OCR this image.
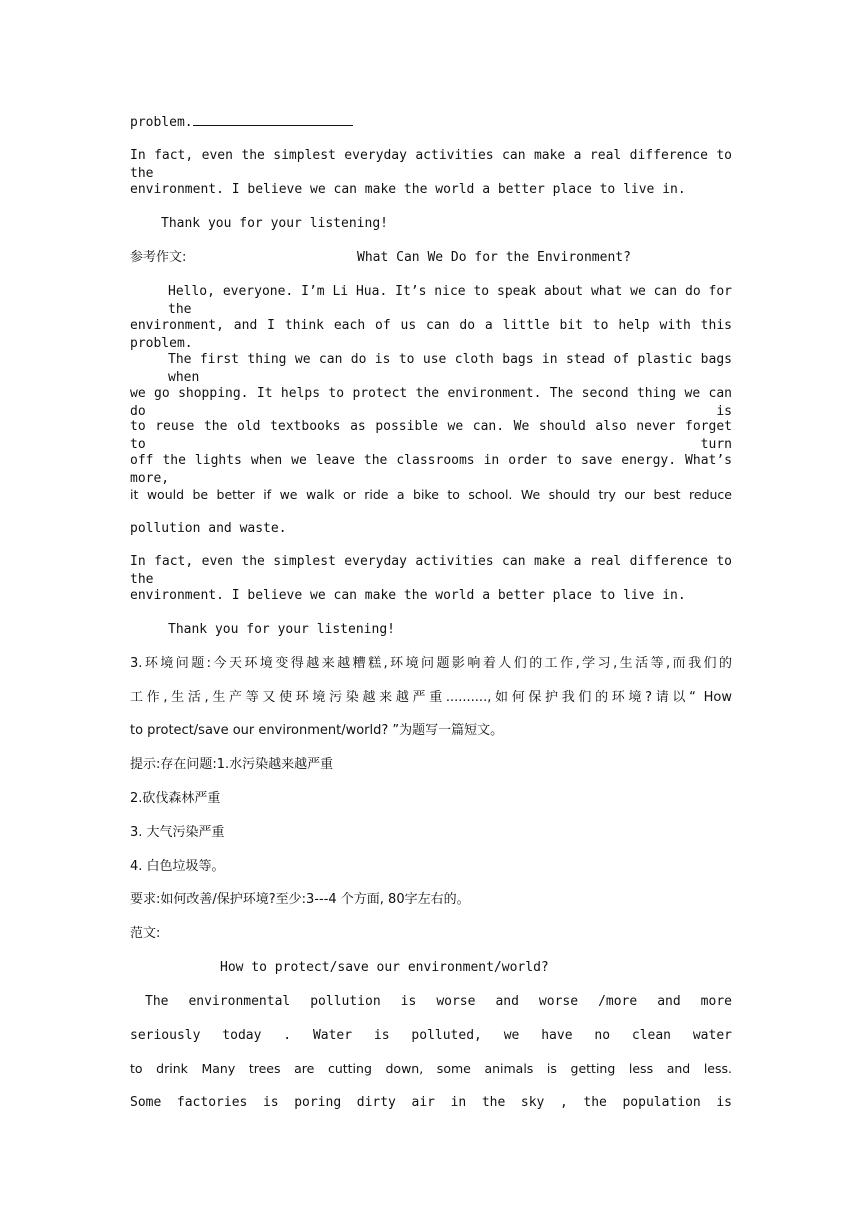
problem.
In fact, even the simplest everyday activities can make a real difference to the
environment. I believe we can make the world a better place to live in.
Thank you for your listening!
参考作文:	What Can We Do for the Environment?
Hello, everyone. I’m Li Hua. It’s nice to speak about what we can do for the
environment, and I think each of us can do a little bit to help with this problem.
The first thing we can do is to use cloth bags in stead of plastic bags when
we go shopping. It helps to protect the environment. The second thing we can do is
to reuse the old textbooks as possible we can. We should also never forget to turn
off the lights when we leave the classrooms in order to save energy. What’s more,
it would be better if we walk or ride a bike to school. We should try our best reduce
pollution and waste.
In fact, even the simplest everyday activities can make a real difference to the
environment. I believe we can make the world a better place to live in.
Thank you for your listening!
3.环境问题:今天环境变得越来越糟糕,环境问题影响着人们的工作,学习,生活等,而我们的
工作,生活,生产等又使环境污染越来越严重..........,如何保护我们的环境?请以“ How
to protect/save our environment/world? ”为题写一篇短文。
提示:存在问题:1.水污染越来越严重
2.砍伐森林严重
3. 大气污染严重
4. 白色垃圾等。
要求:如何改善/保护环境?至少:3---4 个方面, 80字左右的。
范文:
How to protect/save our environment/world?
The environmental pollution is worse and worse /more and more
seriously today . Water is polluted, we have no clean water
to drink Many trees are cutting down, some animals is getting less and less.
Some factories is poring dirty air in the sky , the population is
